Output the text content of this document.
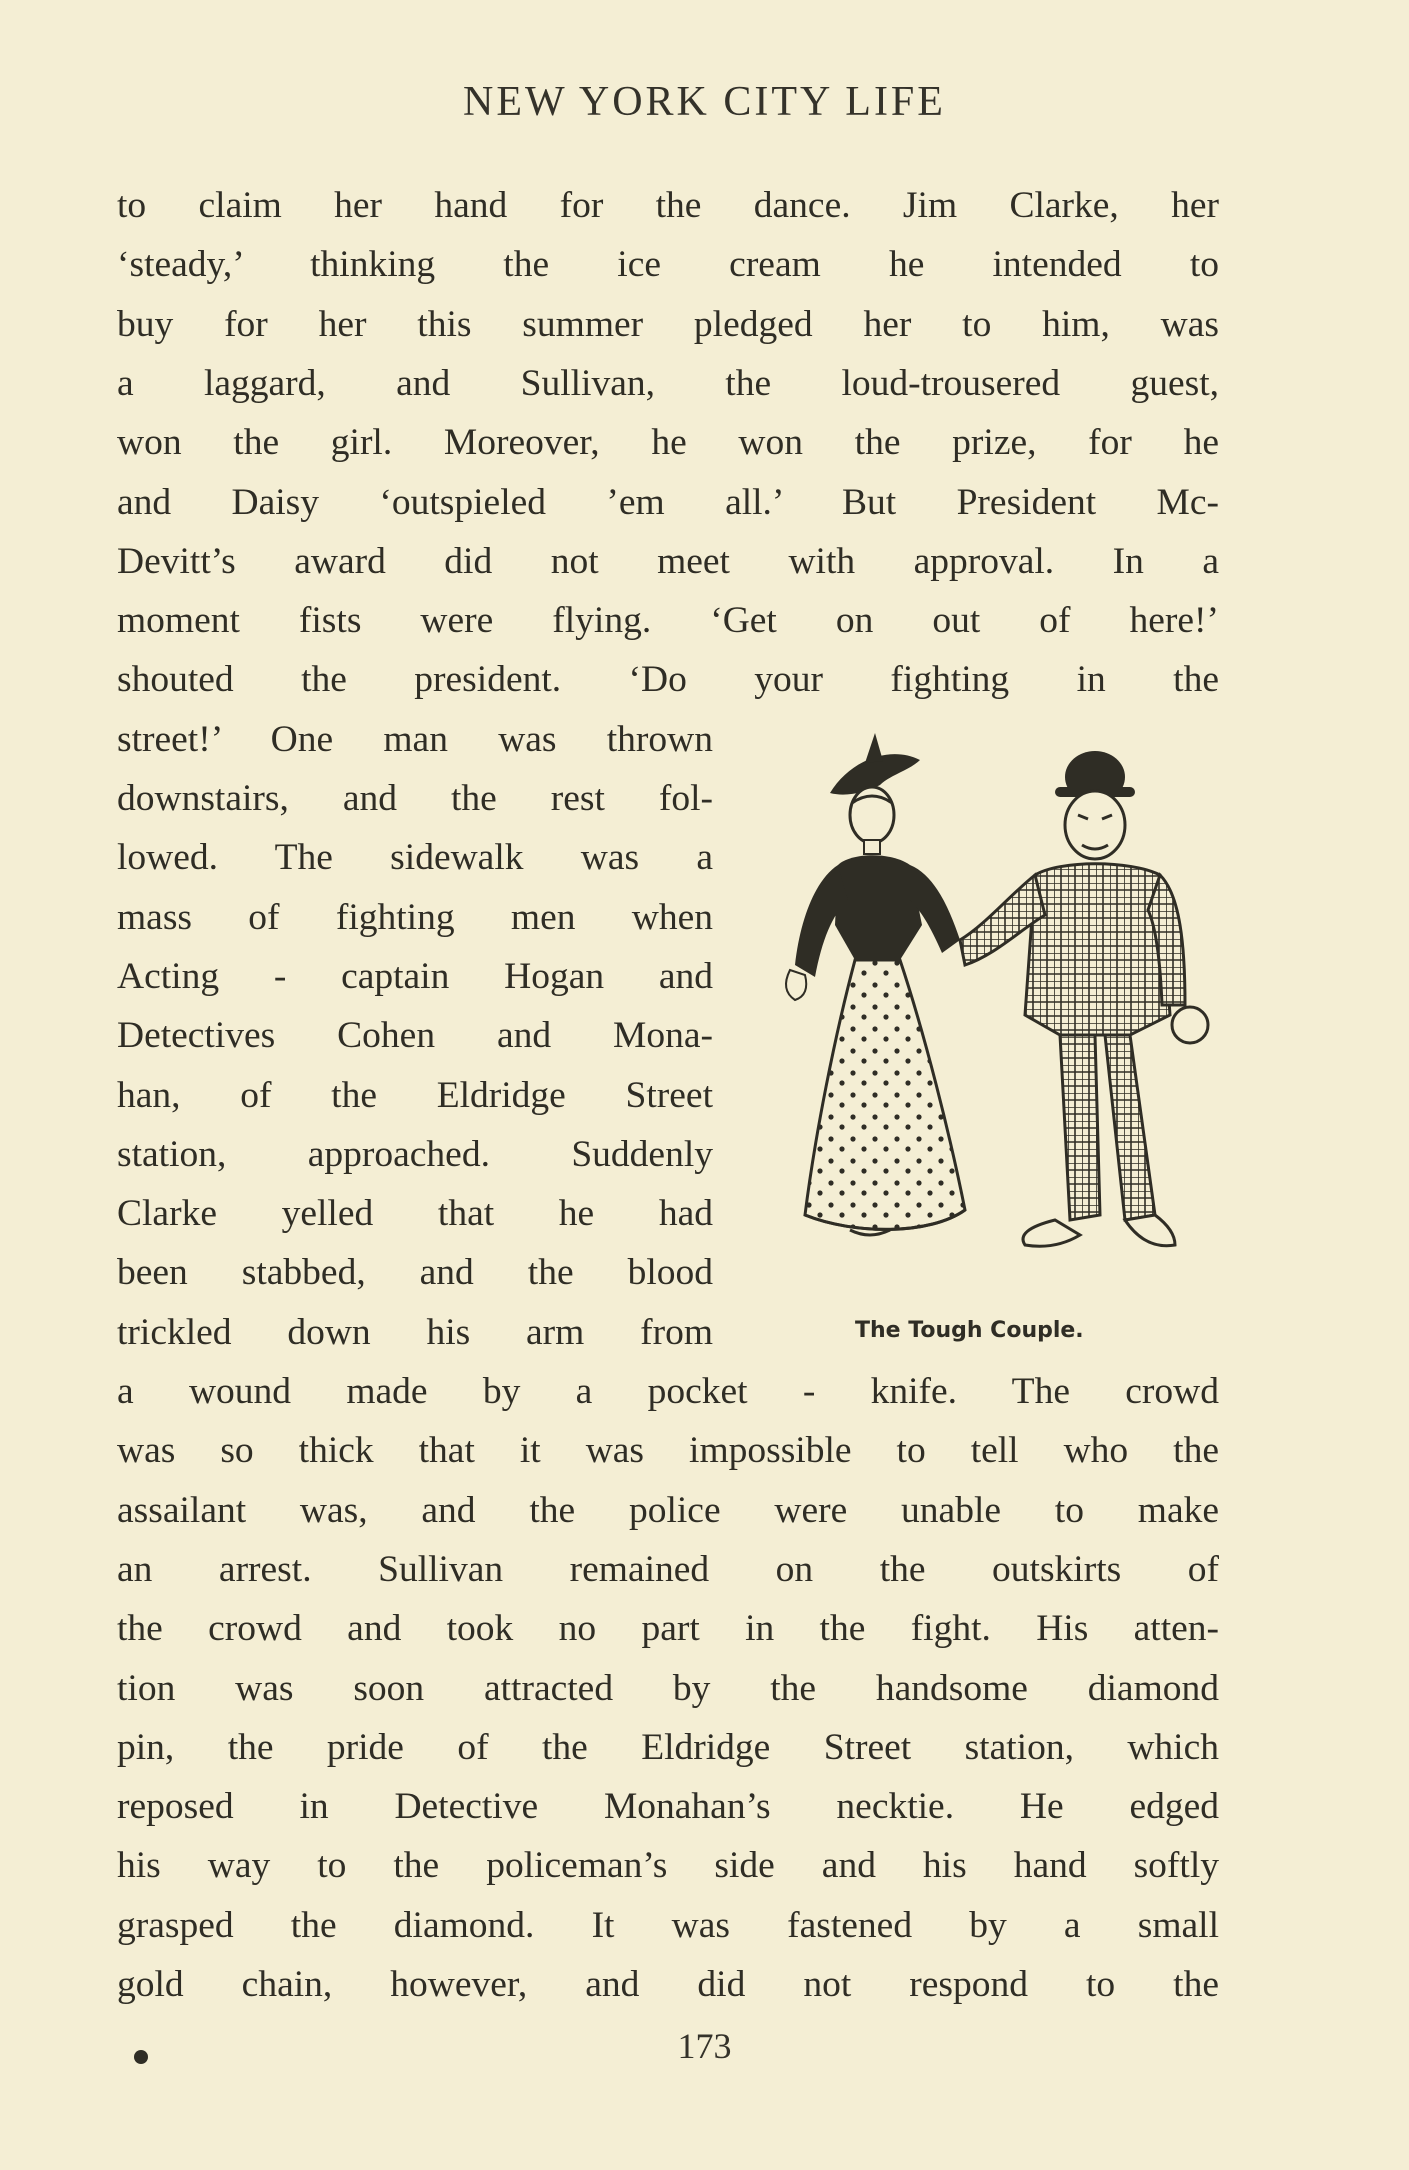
NEW YORK CITY LIFE
to claim her hand for the dance. Jim Clarke, her
‘steady,’ thinking the ice cream he intended to
buy for her this summer pledged her to him, was
a laggard, and Sullivan, the loud-trousered guest,
won the girl. Moreover, he won the prize, for he
and Daisy ‘outspieled ’em all.’ But President Mc-
Devitt’s award did not meet with approval. In a
moment fists were flying. ‘Get on out of here!’
shouted the president. ‘Do your fighting in the
street!’ One man was thrown
downstairs, and the rest fol-
lowed. The sidewalk was a
mass of fighting men when
Acting - captain Hogan and
Detectives Cohen and Mona-
han, of the Eldridge Street
station, approached. Suddenly
Clarke yelled that he had
been stabbed, and the blood
trickled down his arm from
a wound made by a pocket - knife. The crowd
was so thick that it was impossible to tell who the
assailant was, and the police were unable to make
an arrest. Sullivan remained on the outskirts of
the crowd and took no part in the fight. His atten-
tion was soon attracted by the handsome diamond
pin, the pride of the Eldridge Street station, which
reposed in Detective Monahan’s necktie. He edged
his way to the policeman’s side and his hand softly
grasped the diamond. It was fastened by a small
gold chain, however, and did not respond to the
The Tough Couple.
173
